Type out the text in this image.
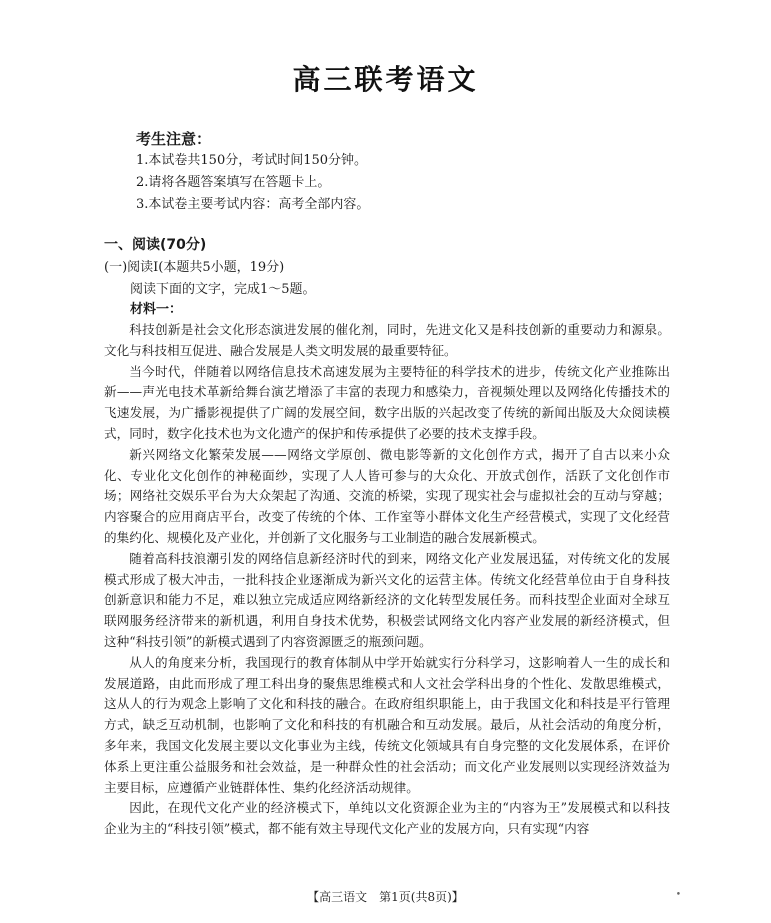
高三联考语文
考生注意：
1.本试卷共150分，考试时间150分钟。
2.请将各题答案填写在答题卡上。
3.本试卷主要考试内容：高考全部内容。
一、阅读(70分)
(一)阅读Ⅰ(本题共5小题，19分)
阅读下面的文字，完成1～5题。
材料一：

科技创新是社会文化形态演进发展的催化剂，同时，先进文化又是科技创新的重要动力和源泉。文化与科技相互促进、融合发展是人类文明发展的最重要特征。

当今时代，伴随着以网络信息技术高速发展为主要特征的科学技术的进步，传统文化产业推陈出新——声光电技术革新给舞台演艺增添了丰富的表现力和感染力，音视频处理以及网络化传播技术的飞速发展，为广播影视提供了广阔的发展空间，数字出版的兴起改变了传统的新闻出版及大众阅读模式，同时，数字化技术也为文化遗产的保护和传承提供了必要的技术支撑手段。

新兴网络文化繁荣发展——网络文学原创、微电影等新的文化创作方式，揭开了自古以来小众化、专业化文化创作的神秘面纱，实现了人人皆可参与的大众化、开放式创作，活跃了文化创作市场；网络社交娱乐平台为大众架起了沟通、交流的桥梁，实现了现实社会与虚拟社会的互动与穿越；内容聚合的应用商店平台，改变了传统的个体、工作室等小群体文化生产经营模式，实现了文化经营的集约化、规模化及产业化，并创新了文化服务与工业制造的融合发展新模式。

随着高科技浪潮引发的网络信息新经济时代的到来，网络文化产业发展迅猛，对传统文化的发展模式形成了极大冲击，一批科技企业逐渐成为新兴文化的运营主体。传统文化经营单位由于自身科技创新意识和能力不足，难以独立完成适应网络新经济的文化转型发展任务。而科技型企业面对全球互联网服务经济带来的新机遇，利用自身技术优势，积极尝试网络文化内容产业发展的新经济模式，但这种“科技引领”的新模式遇到了内容资源匮乏的瓶颈问题。

从人的角度来分析，我国现行的教育体制从中学开始就实行分科学习，这影响着人一生的成长和发展道路，由此而形成了理工科出身的聚焦思维模式和人文社会学科出身的个性化、发散思维模式，这从人的行为观念上影响了文化和科技的融合。在政府组织职能上，由于我国文化和科技是平行管理方式，缺乏互动机制，也影响了文化和科技的有机融合和互动发展。最后，从社会活动的角度分析，多年来，我国文化发展主要以文化事业为主线，传统文化领域具有自身完整的文化发展体系，在评价体系上更注重公益服务和社会效益，是一种群众性的社会活动；而文化产业发展则以实现经济效益为主要目标，应遵循产业链群体性、集约化经济活动规律。

因此，在现代文化产业的经济模式下，单纯以文化资源企业为主的“内容为王”发展模式和以科技企业为主的“科技引领”模式，都不能有效主导现代文化产业的发展方向，只有实现“内容

【高三语文　第1页(共8页)】	•
